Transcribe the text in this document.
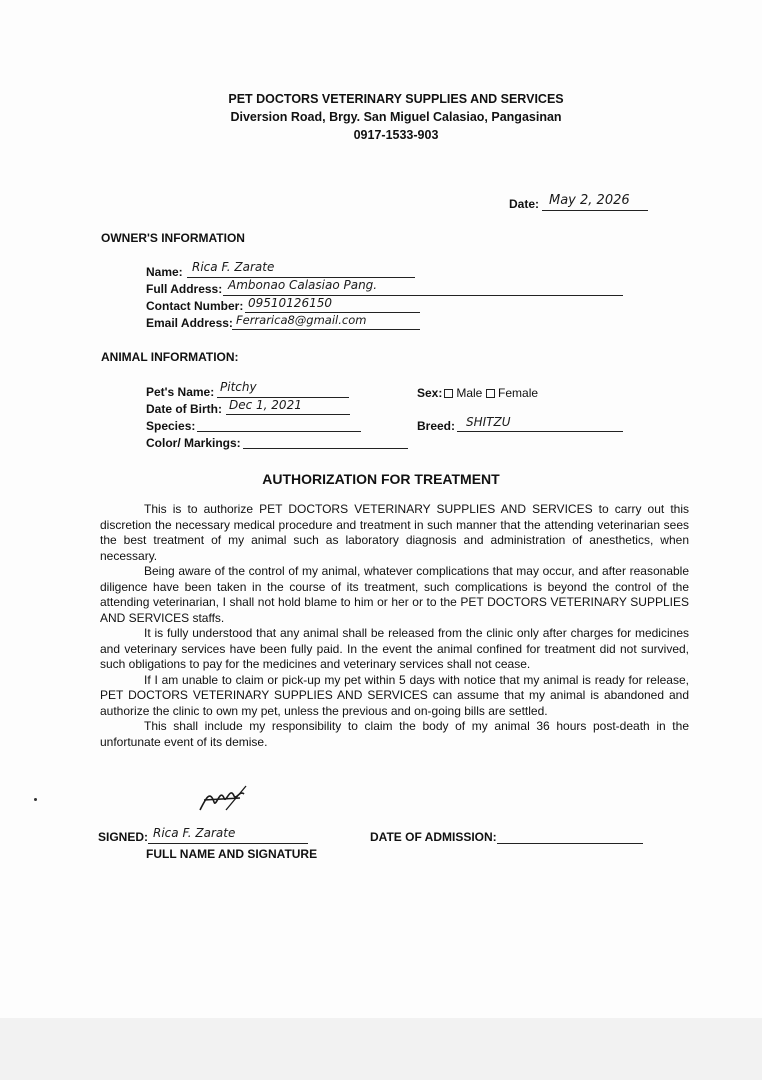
PET DOCTORS VETERINARY SUPPLIES AND SERVICES
Diversion Road, Brgy. San Miguel Calasiao, Pangasinan
0917-1533-903
Date: May 2, 2026
OWNER'S INFORMATION
Name: Rica F. Zarate
Full Address: Ambonao Calasiao Pang.
Contact Number: 09510126150
Email Address: Ferrarica8@gmail.com
ANIMAL INFORMATION:
Pet's Name: Pitchy
Date of Birth: Dec 1, 2021
Species:
Color/ Markings:
Sex:	Male Female
Breed: SHITZU
AUTHORIZATION FOR TREATMENT

This is to authorize PET DOCTORS VETERINARY SUPPLIES AND SERVICES to carry out this discretion the necessary medical procedure and treatment in such manner that the attending veterinarian sees the best treatment of my animal such as laboratory diagnosis and administration of anesthetics, when necessary.

Being aware of the control of my animal, whatever complications that may occur, and after reasonable diligence have been taken in the course of its treatment, such complications is beyond the control of the attending veterinarian, I shall not hold blame to him or her or to the PET DOCTORS VETERINARY SUPPLIES AND SERVICES staffs.

It is fully understood that any animal shall be released from the clinic only after charges for medicines and veterinary services have been fully paid. In the event the animal confined for treatment did not survived, such obligations to pay for the medicines and veterinary services shall not cease.

If I am unable to claim or pick-up my pet within 5 days with notice that my animal is ready for release, PET DOCTORS VETERINARY SUPPLIES AND SERVICES can assume that my animal is abandoned and authorize the clinic to own my pet, unless the previous and on-going bills are settled.

This shall include my responsibility to claim the body of my animal 36 hours post-death in the unfortunate event of its demise.

SIGNED: Rica F. Zarate
FULL NAME AND SIGNATURE
DATE OF ADMISSION:
